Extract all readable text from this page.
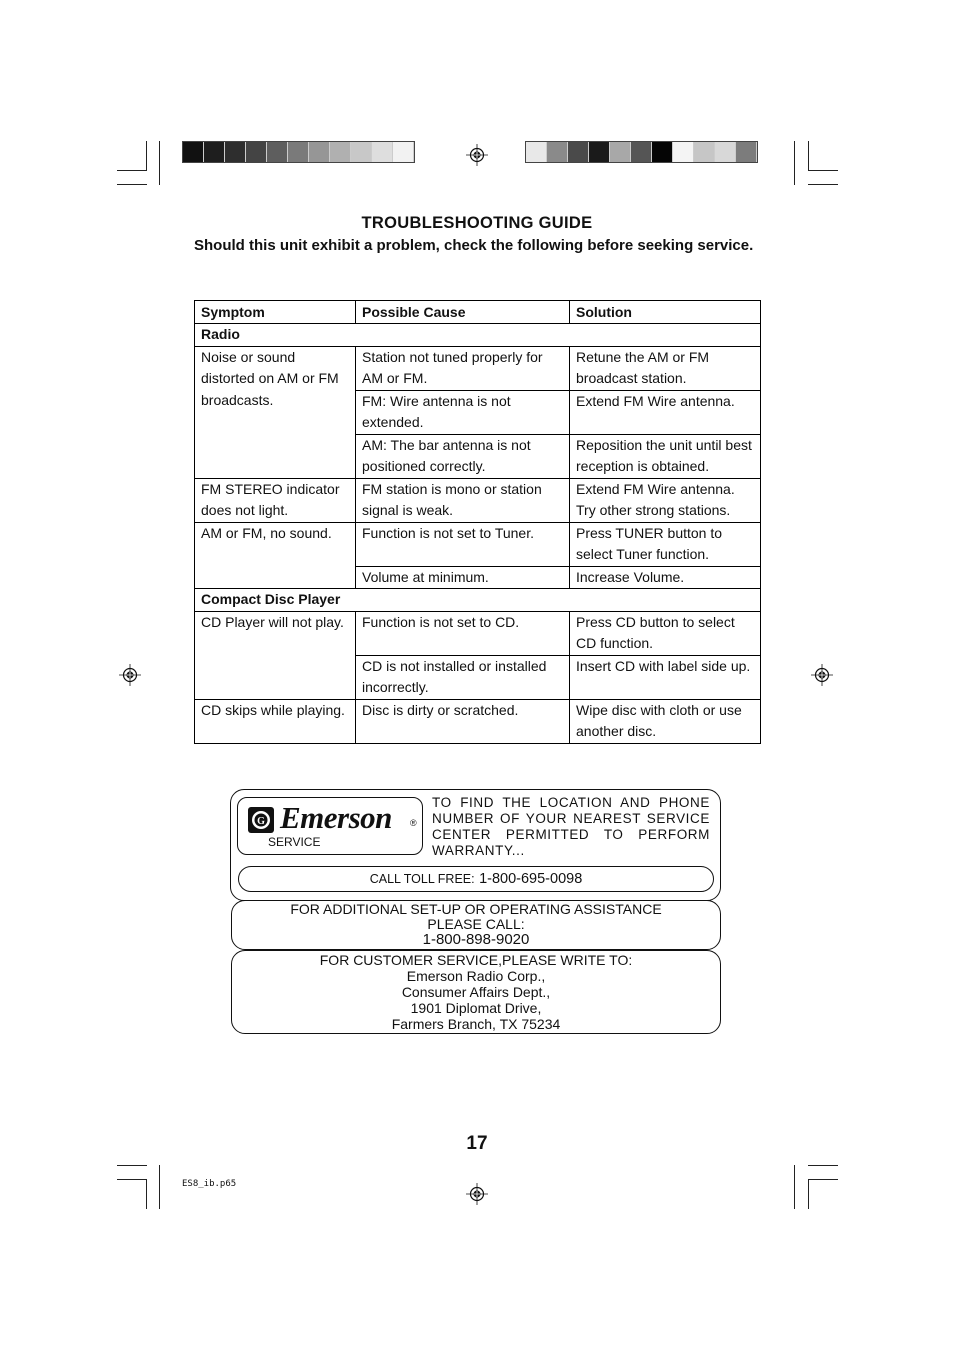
TROUBLESHOOTING GUIDE

Should this unit exhibit a problem, check the following before seeking service.

Symptom	Possible Cause	Solution
Radio		
Noise or sound distorted on AM or FM broadcasts.	Station not tuned properly for AM or FM.	Retune the AM or FM broadcast station.
	FM: Wire antenna is not extended.	Extend FM Wire antenna.
	AM: The bar antenna is not positioned correctly.	Reposition the unit until best reception is obtained.
FM STEREO indicator does not light.	FM station is mono or station signal is weak.	Extend FM Wire antenna. Try other strong stations.
AM or FM, no sound.	Function is not set to Tuner.	Press TUNER button to select Tuner function.
	Volume at minimum.	Increase Volume.
Compact Disc Player		
CD Player will not play.	Function is not set to CD.	Press CD button to select CD function.
	CD is not installed or installed incorrectly.	Insert CD with label side up.
CD skips while playing.	Disc is dirty or scratched.	Wipe disc with cloth or use another disc.
G Emerson ®
SERVICE
TO FIND THE LOCATION AND PHONE NUMBER OF YOUR NEAREST SERVICE CENTER PERMITTED TO PERFORM WARRANTY...
CALL TOLL FREE: 1-800-695-0098
FOR ADDITIONAL SET-UP OR OPERATING ASSISTANCE
PLEASE CALL:
1-800-898-9020
FOR CUSTOMER SERVICE,PLEASE WRITE TO:
Emerson Radio Corp.,
Consumer Affairs Dept.,
1901 Diplomat Drive,
Farmers Branch, TX 75234
17
ES8_ib.p65
